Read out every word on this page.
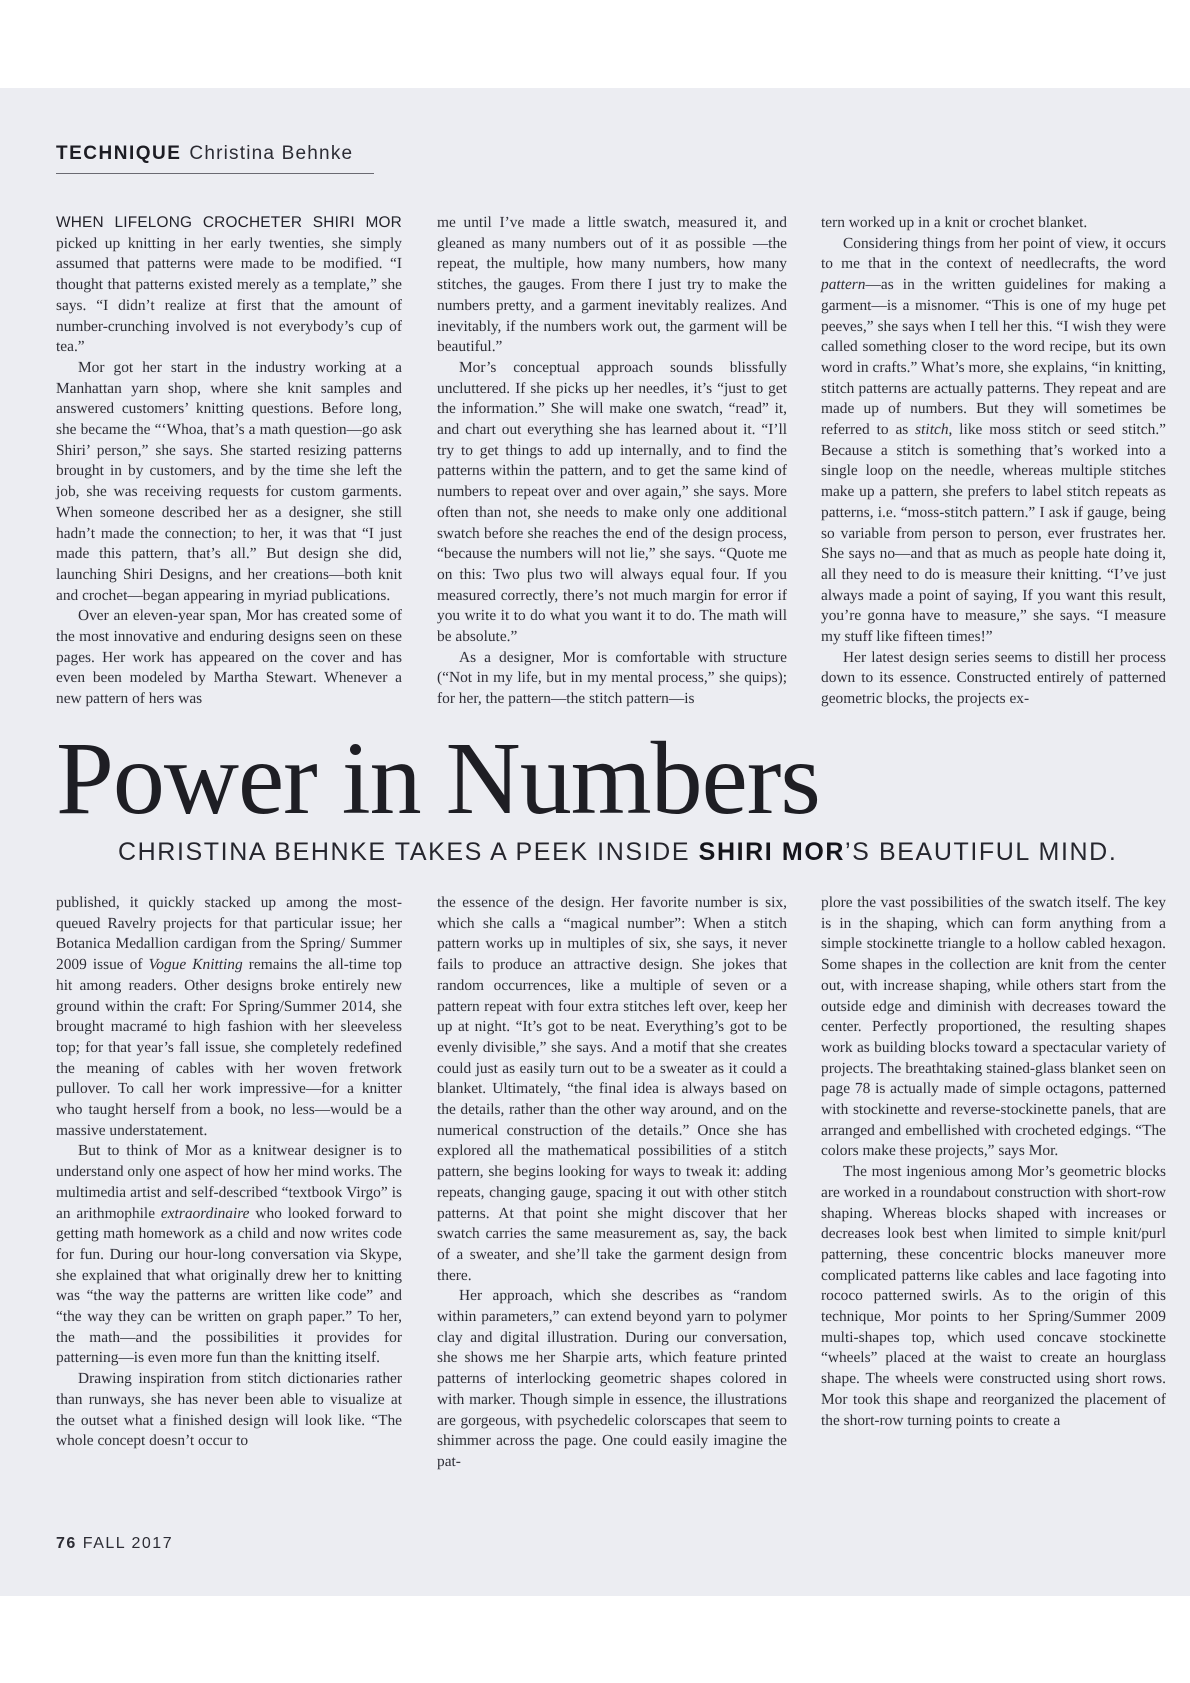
TECHNIQUE Christina Behnke

WHEN LIFELONG CROCHETER SHIRI MOR picked up knitting in her early twenties, she simply assumed that patterns were made to be modified. “I thought that patterns existed merely as a template,” she says. “I didn’t realize at first that the amount of number-crunching involved is not everybody’s cup of tea.”

Mor got her start in the industry working at a Manhattan yarn shop, where she knit samples and answered customers’ knitting questions. Before long, she became the “‘Whoa, that’s a math question—go ask Shiri’ person,” she says. She started resizing patterns brought in by customers, and by the time she left the job, she was receiving requests for custom garments. When someone described her as a designer, she still hadn’t made the connection; to her, it was that “I just made this pattern, that’s all.” But design she did, launching Shiri Designs, and her creations—both knit and crochet—began appearing in myriad publications.

Over an eleven-year span, Mor has created some of the most innovative and enduring designs seen on these pages. Her work has appeared on the cover and has even been modeled by Martha Stewart. Whenever a new pattern of hers was

me until I’ve made a little swatch, measured it, and gleaned as many numbers out of it as possible —the repeat, the multiple, how many numbers, how many stitches, the gauges. From there I just try to make the numbers pretty, and a garment inevitably realizes. And inevitably, if the numbers work out, the garment will be beautiful.”

Mor’s conceptual approach sounds blissfully uncluttered. If she picks up her needles, it’s “just to get the information.” She will make one swatch, “read” it, and chart out everything she has learned about it. “I’ll try to get things to add up internally, and to find the patterns within the pattern, and to get the same kind of numbers to repeat over and over again,” she says. More often than not, she needs to make only one additional swatch before she reaches the end of the design process, “because the numbers will not lie,” she says. “Quote me on this: Two plus two will always equal four. If you measured correctly, there’s not much margin for error if you write it to do what you want it to do. The math will be absolute.”

As a designer, Mor is comfortable with structure (“Not in my life, but in my mental process,” she quips); for her, the pattern—the stitch pattern—is

tern worked up in a knit or crochet blanket.

Considering things from her point of view, it occurs to me that in the context of needlecrafts, the word pattern—as in the written guidelines for making a garment—is a misnomer. “This is one of my huge pet peeves,” she says when I tell her this. “I wish they were called something closer to the word recipe, but its own word in crafts.” What’s more, she explains, “in knitting, stitch patterns are actually patterns. They repeat and are made up of numbers. But they will sometimes be referred to as stitch, like moss stitch or seed stitch.” Because a stitch is something that’s worked into a single loop on the needle, whereas multiple stitches make up a pattern, she prefers to label stitch repeats as patterns, i.e. “moss-stitch pattern.” I ask if gauge, being so variable from person to person, ever frustrates her. She says no—and that as much as people hate doing it, all they need to do is measure their knitting. “I’ve just always made a point of saying, If you want this result, you’re gonna have to measure,” she says. “I measure my stuff like fifteen times!”

Her latest design series seems to distill her process down to its essence. Constructed entirely of patterned geometric blocks, the projects ex-

Power in Numbers
CHRISTINA BEHNKE TAKES A PEEK INSIDE SHIRI MOR’S BEAUTIFUL MIND.

published, it quickly stacked up among the most-queued Ravelry projects for that particular issue; her Botanica Medallion cardigan from the Spring/ Summer 2009 issue of Vogue Knitting remains the all-time top hit among readers. Other designs broke entirely new ground within the craft: For Spring/Summer 2014, she brought macramé to high fashion with her sleeveless top; for that year’s fall issue, she completely redefined the meaning of cables with her woven fretwork pullover. To call her work impressive—for a knitter who taught herself from a book, no less—would be a massive understatement.

But to think of Mor as a knitwear designer is to understand only one aspect of how her mind works. The multimedia artist and self-described “textbook Virgo” is an arithmophile extraordinaire who looked forward to getting math homework as a child and now writes code for fun. During our hour-long conversation via Skype, she explained that what originally drew her to knitting was “the way the patterns are written like code” and “the way they can be written on graph paper.” To her, the math—and the possibilities it provides for patterning—is even more fun than the knitting itself.

Drawing inspiration from stitch dictionaries rather than runways, she has never been able to visualize at the outset what a finished design will look like. “The whole concept doesn’t occur to

the essence of the design. Her favorite number is six, which she calls a “magical number”: When a stitch pattern works up in multiples of six, she says, it never fails to produce an attractive design. She jokes that random occurrences, like a multiple of seven or a pattern repeat with four extra stitches left over, keep her up at night. “It’s got to be neat. Everything’s got to be evenly divisible,” she says. And a motif that she creates could just as easily turn out to be a sweater as it could a blanket. Ultimately, “the final idea is always based on the details, rather than the other way around, and on the numerical construction of the details.” Once she has explored all the mathematical possibilities of a stitch pattern, she begins looking for ways to tweak it: adding repeats, changing gauge, spacing it out with other stitch patterns. At that point she might discover that her swatch carries the same measurement as, say, the back of a sweater, and she’ll take the garment design from there.

Her approach, which she describes as “random within parameters,” can extend beyond yarn to polymer clay and digital illustration. During our conversation, she shows me her Sharpie arts, which feature printed patterns of interlocking geometric shapes colored in with marker. Though simple in essence, the illustrations are gorgeous, with psychedelic colorscapes that seem to shimmer across the page. One could easily imagine the pat-

plore the vast possibilities of the swatch itself. The key is in the shaping, which can form anything from a simple stockinette triangle to a hollow cabled hexagon. Some shapes in the collection are knit from the center out, with increase shaping, while others start from the outside edge and diminish with decreases toward the center. Perfectly proportioned, the resulting shapes work as building blocks toward a spectacular variety of projects. The breathtaking stained-glass blanket seen on page 78 is actually made of simple octagons, patterned with stockinette and reverse-stockinette panels, that are arranged and embellished with crocheted edgings. “The colors make these projects,” says Mor.

The most ingenious among Mor’s geometric blocks are worked in a roundabout construction with short-row shaping. Whereas blocks shaped with increases or decreases look best when limited to simple knit/purl patterning, these concentric blocks maneuver more complicated patterns like cables and lace fagoting into rococo patterned swirls. As to the origin of this technique, Mor points to her Spring/Summer 2009 multi-shapes top, which used concave stockinette “wheels” placed at the waist to create an hourglass shape. The wheels were constructed using short rows. Mor took this shape and reorganized the placement of the short-row turning points to create a

76 FALL 2017
